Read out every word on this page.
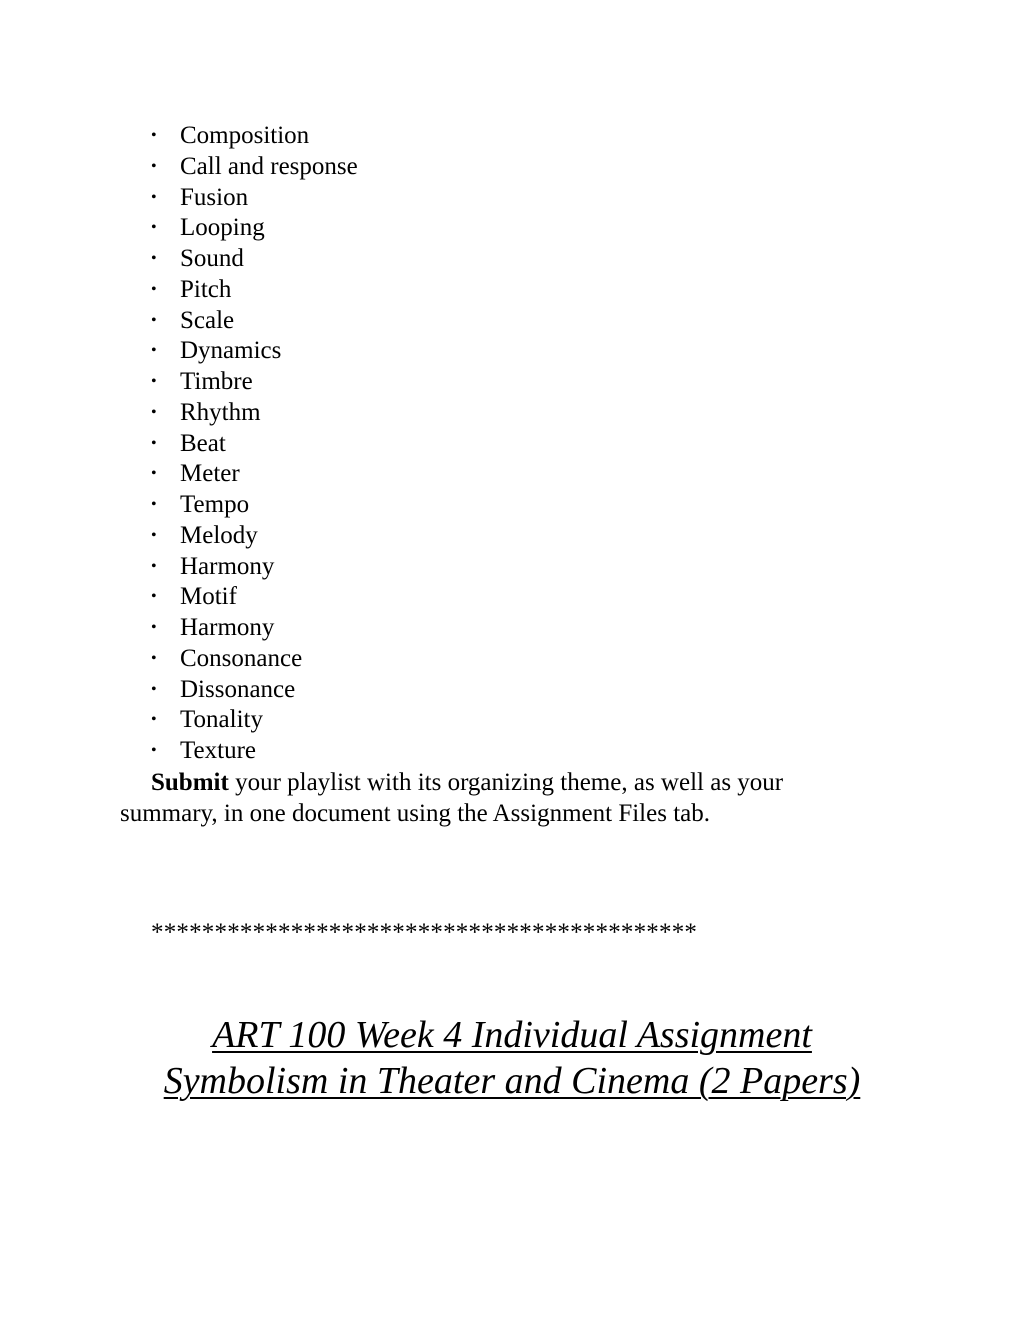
• Composition
• Call and response
• Fusion
• Looping
• Sound
• Pitch
• Scale
• Dynamics
• Timbre
• Rhythm
• Beat
• Meter
• Tempo
• Melody
• Harmony
• Motif
• Harmony
• Consonance
• Dissonance
• Tonality
• Texture

Submit your playlist with its organizing theme, as well as your summary, in one document using the Assignment Files tab.

*******************************************

ART 100 Week 4 Individual Assignment
Symbolism in Theater and Cinema (2 Papers)
